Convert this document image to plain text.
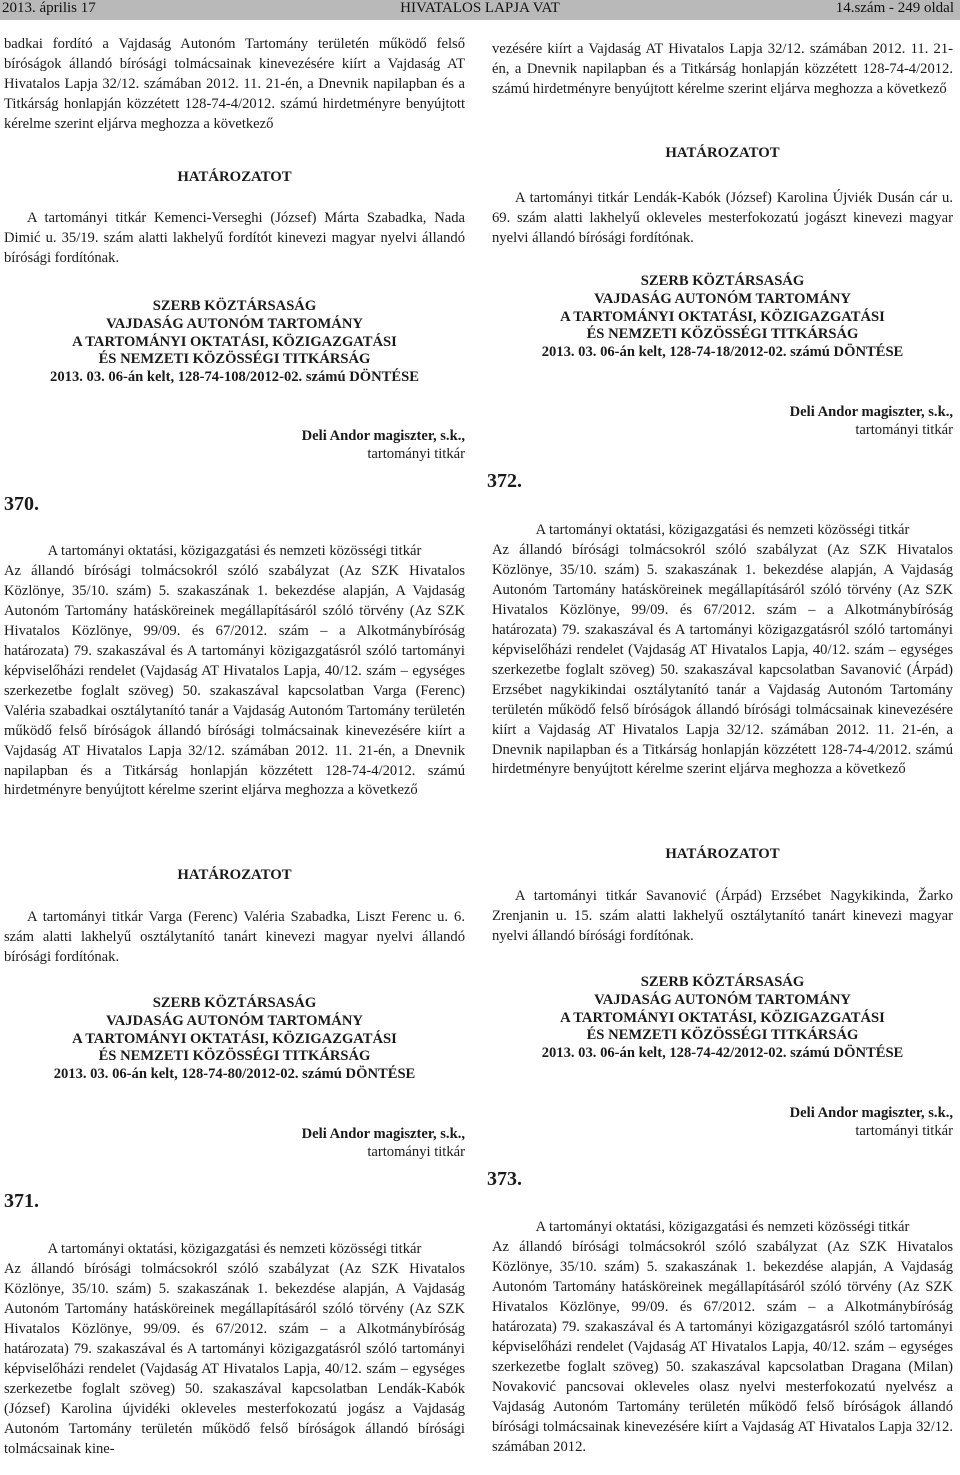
2013. április 17	HIVATALOS LAPJA VAT	14.szám - 249 oldal

badkai fordító a Vajdaság Autonóm Tartomány területén működő felső bíróságok állandó bírósági tolmácsainak kinevezésére kiírt a Vajdaság AT Hivatalos Lapja 32/12. számában 2012. 11. 21-én, a Dnevnik napilapban és a Titkárság honlapján közzétett 128-74-4/2012. számú hirdetményre benyújtott kérelme szerint eljárva meghozza a következő

HATÁROZATOT

A tartományi titkár Kemenci-Verseghi (József) Márta Szabadka, Nada Dimić u. 35/19. szám alatti lakhelyű fordítót kinevezi magyar nyelvi állandó bírósági fordítónak.

SZERB KÖZTÁRSASÁG
VAJDASÁG AUTONÓM TARTOMÁNY
A TARTOMÁNYI OKTATÁSI, KÖZIGAZGATÁSI
ÉS NEMZETI KÖZÖSSÉGI TITKÁRSÁG
2013. 03. 06-án kelt, 128-74-108/2012-02. számú DÖNTÉSE
Deli Andor magiszter, s.k.,
tartományi titkár

370.

A tartományi oktatási, közigazgatási és nemzeti közösségi titkár

Az állandó bírósági tolmácsokról szóló szabályzat (Az SZK Hivatalos Közlönye, 35/10. szám) 5. szakaszának 1. bekezdése alapján, A Vajdaság Autonóm Tartomány hatásköreinek megállapításáról szóló törvény (Az SZK Hivatalos Közlönye, 99/09. és 67/2012. szám – a Alkotmánybíróság határozata) 79. szakaszával és A tartományi közigazgatásról szóló tartományi képviselőházi rendelet (Vajdaság AT Hivatalos Lapja, 40/12. szám – egységes szerkezetbe foglalt szöveg) 50. szakaszával kapcsolatban Varga (Ferenc) Valéria szabadkai osztálytanító tanár a Vajdaság Autonóm Tartomány területén működő felső bíróságok állandó bírósági tolmácsainak kinevezésére kiírt a Vajdaság AT Hivatalos Lapja 32/12. számában 2012. 11. 21-én, a Dnevnik napilapban és a Titkárság honlapján közzétett 128-74-4/2012. számú hirdetményre benyújtott kérelme szerint eljárva meghozza a következő

HATÁROZATOT

A tartományi titkár Varga (Ferenc) Valéria Szabadka, Liszt Ferenc u. 6. szám alatti lakhelyű osztálytanító tanárt kinevezi magyar nyelvi állandó bírósági fordítónak.

SZERB KÖZTÁRSASÁG
VAJDASÁG AUTONÓM TARTOMÁNY
A TARTOMÁNYI OKTATÁSI, KÖZIGAZGATÁSI
ÉS NEMZETI KÖZÖSSÉGI TITKÁRSÁG
2013. 03. 06-án kelt, 128-74-80/2012-02. számú DÖNTÉSE
Deli Andor magiszter, s.k.,
tartományi titkár

371.

A tartományi oktatási, közigazgatási és nemzeti közösségi titkár

Az állandó bírósági tolmácsokról szóló szabályzat (Az SZK Hivatalos Közlönye, 35/10. szám) 5. szakaszának 1. bekezdése alapján, A Vajdaság Autonóm Tartomány hatásköreinek megállapításáról szóló törvény (Az SZK Hivatalos Közlönye, 99/09. és 67/2012. szám – a Alkotmánybíróság határozata) 79. szakaszával és A tartományi közigazgatásról szóló tartományi képviselőházi rendelet (Vajdaság AT Hivatalos Lapja, 40/12. szám – egységes szerkezetbe foglalt szöveg) 50. szakaszával kapcsolatban Lendák-Kabók (József) Karolina újvidéki okleveles mesterfokozatú jogász a Vajdaság Autonóm Tartomány területén működő felső bíróságok állandó bírósági tolmácsainak kine-

vezésére kiírt a Vajdaság AT Hivatalos Lapja 32/12. számában 2012. 11. 21-én, a Dnevnik napilapban és a Titkárság honlapján közzétett 128-74-4/2012. számú hirdetményre benyújtott kérelme szerint eljárva meghozza a következő

HATÁROZATOT

A tartományi titkár Lendák-Kabók (József) Karolina Újviék Dusán cár u. 69. szám alatti lakhelyű okleveles mesterfokozatú jogászt kinevezi magyar nyelvi állandó bírósági fordítónak.

SZERB KÖZTÁRSASÁG
VAJDASÁG AUTONÓM TARTOMÁNY
A TARTOMÁNYI OKTATÁSI, KÖZIGAZGATÁSI
ÉS NEMZETI KÖZÖSSÉGI TITKÁRSÁG
2013. 03. 06-án kelt, 128-74-18/2012-02. számú DÖNTÉSE
Deli Andor magiszter, s.k.,
tartományi titkár

372.

A tartományi oktatási, közigazgatási és nemzeti közösségi titkár

Az állandó bírósági tolmácsokról szóló szabályzat (Az SZK Hivatalos Közlönye, 35/10. szám) 5. szakaszának 1. bekezdése alapján, A Vajdaság Autonóm Tartomány hatásköreinek megállapításáról szóló törvény (Az SZK Hivatalos Közlönye, 99/09. és 67/2012. szám – a Alkotmánybíróság határozata) 79. szakaszával és A tartományi közigazgatásról szóló tartományi képviselőházi rendelet (Vajdaság AT Hivatalos Lapja, 40/12. szám – egységes szerkezetbe foglalt szöveg) 50. szakaszával kapcsolatban Savanović (Árpád) Erzsébet nagykikindai osztálytanító tanár a Vajdaság Autonóm Tartomány területén működő felső bíróságok állandó bírósági tolmácsainak kinevezésére kiírt a Vajdaság AT Hivatalos Lapja 32/12. számában 2012. 11. 21-én, a Dnevnik napilapban és a Titkárság honlapján közzétett 128-74-4/2012. számú hirdetményre benyújtott kérelme szerint eljárva meghozza a következő

HATÁROZATOT

A tartományi titkár Savanović (Árpád) Erzsébet Nagykikinda, Žarko Zrenjanin u. 15. szám alatti lakhelyű osztálytanító tanárt kinevezi magyar nyelvi állandó bírósági fordítónak.

SZERB KÖZTÁRSASÁG
VAJDASÁG AUTONÓM TARTOMÁNY
A TARTOMÁNYI OKTATÁSI, KÖZIGAZGATÁSI
ÉS NEMZETI KÖZÖSSÉGI TITKÁRSÁG
2013. 03. 06-án kelt, 128-74-42/2012-02. számú DÖNTÉSE
Deli Andor magiszter, s.k.,
tartományi titkár

373.

A tartományi oktatási, közigazgatási és nemzeti közösségi titkár

Az állandó bírósági tolmácsokról szóló szabályzat (Az SZK Hivatalos Közlönye, 35/10. szám) 5. szakaszának 1. bekezdése alapján, A Vajdaság Autonóm Tartomány hatásköreinek megállapításáról szóló törvény (Az SZK Hivatalos Közlönye, 99/09. és 67/2012. szám – a Alkotmánybíróság határozata) 79. szakaszával és A tartományi közigazgatásról szóló tartományi képviselőházi rendelet (Vajdaság AT Hivatalos Lapja, 40/12. szám – egységes szerkezetbe foglalt szöveg) 50. szakaszával kapcsolatban Dragana (Milan) Novaković pancsovai okleveles olasz nyelvi mesterfokozatú nyelvész a Vajdaság Autonóm Tartomány területén működő felső bíróságok állandó bírósági tolmácsainak kinevezésére kiírt a Vajdaság AT Hivatalos Lapja 32/12. számában 2012.
